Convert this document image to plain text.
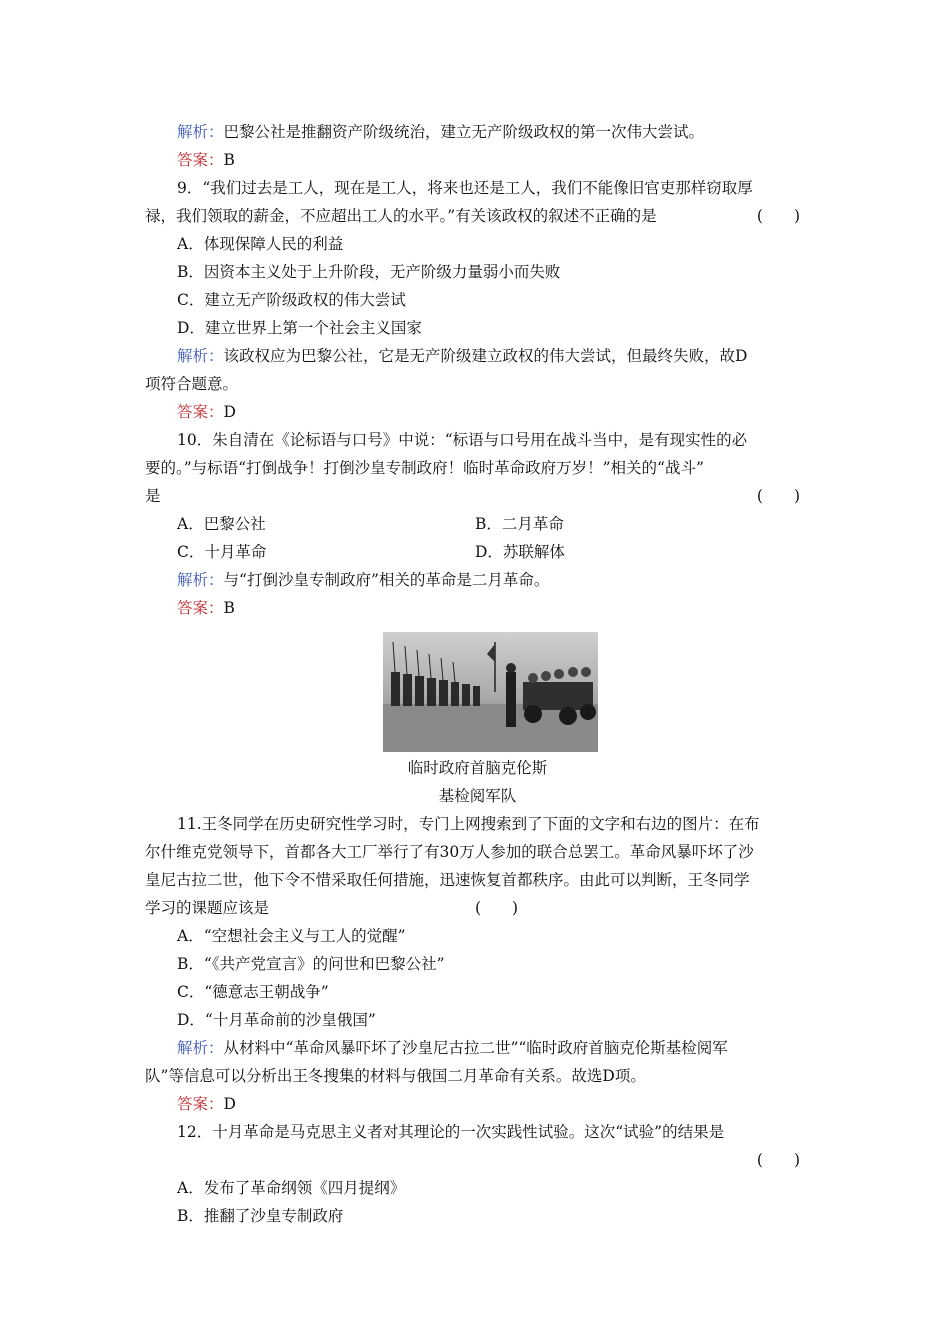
解析：巴黎公社是推翻资产阶级统治，建立无产阶级政权的第一次伟大尝试。
答案：B
9．“我们过去是工人，现在是工人，将来也还是工人，我们不能像旧官吏那样窃取厚
禄，我们领取的薪金，不应超出工人的水平。”有关该政权的叙述不正确的是	(　　)
A．体现保障人民的利益
B．因资本主义处于上升阶段，无产阶级力量弱小而失败
C．建立无产阶级政权的伟大尝试
D．建立世界上第一个社会主义国家
解析：该政权应为巴黎公社，它是无产阶级建立政权的伟大尝试，但最终失败，故D
项符合题意。
答案：D
10．朱自清在《论标语与口号》中说：“标语与口号用在战斗当中，是有现实性的必
要的。”与标语“打倒战争！打倒沙皇专制政府！临时革命政府万岁！”相关的“战斗”
是	(　　)
A．巴黎公社	B．二月革命
C．十月革命	D．苏联解体
解析：与“打倒沙皇专制政府”相关的革命是二月革命。
答案：B
临时政府首脑克伦斯
基检阅军队
11.王冬同学在历史研究性学习时，专门上网搜索到了下面的文字和右边的图片：在布
尔什维克党领导下，首都各大工厂举行了有30万人参加的联合总罢工。革命风暴吓坏了沙
皇尼古拉二世，他下令不惜采取任何措施，迅速恢复首都秩序。由此可以判断，王冬同学
学习的课题应该是	(　　)
A．“空想社会主义与工人的觉醒”
B．“《共产党宣言》的问世和巴黎公社”
C．“德意志王朝战争”
D．“十月革命前的沙皇俄国”
解析：从材料中“革命风暴吓坏了沙皇尼古拉二世”“临时政府首脑克伦斯基检阅军
队”等信息可以分析出王冬搜集的材料与俄国二月革命有关系。故选D项。
答案：D
12．十月革命是马克思主义者对其理论的一次实践性试验。这次“试验”的结果是
(　　)
A．发布了革命纲领《四月提纲》
B．推翻了沙皇专制政府
